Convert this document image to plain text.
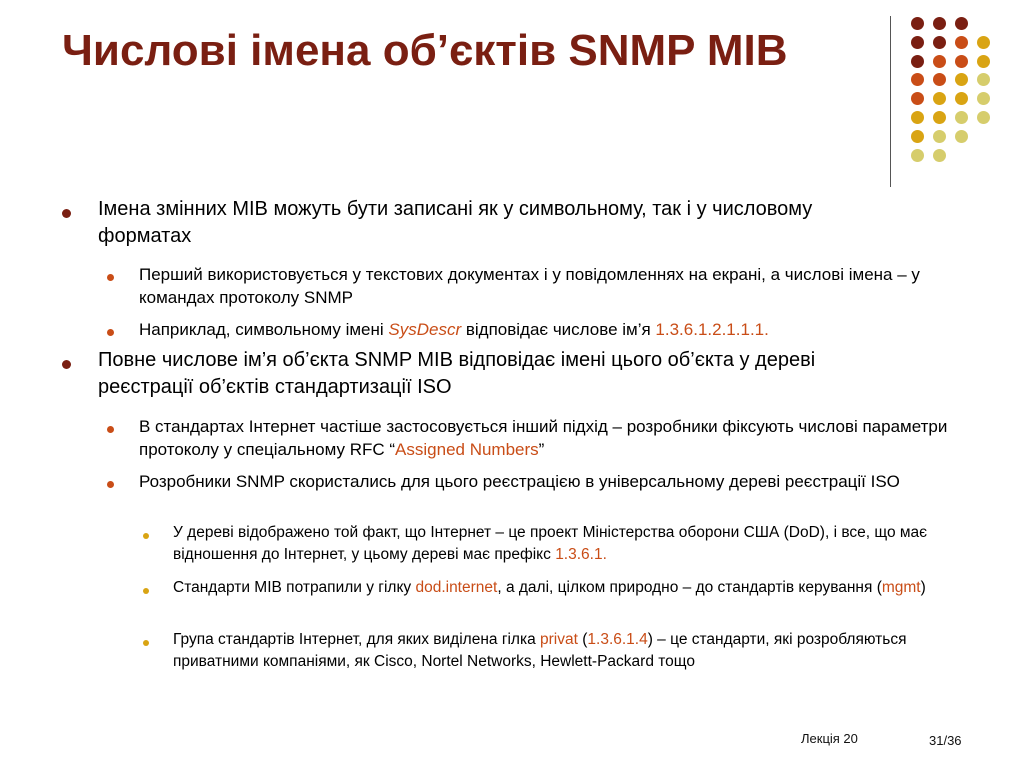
Числові імена об’єктів SNMP MIB
Імена змінних MIB можуть бути записані як у символьному, так і у числовому форматах
Перший використовується у текстових документах і у повідомленнях на екрані, а числові імена – у командах протоколу SNMP
Наприклад, символьному імені SysDescr відповідає числове ім’я 1.3.6.1.2.1.1.1.
Повне числове ім’я об’єкта SNMP MIB відповідає імені цього об’єкта у дереві реєстрації об’єктів стандартизації ISO
В стандартах Інтернет частіше застосовується інший підхід – розробники фіксують числові параметри протоколу у спеціальному RFC “Assigned Numbers”
Розробники SNMP скористались для цього реєстрацією в універсальному дереві реєстрації ISO
У дереві відображено той факт, що Інтернет – це проект Міністерства оборони США (DoD), і все, що має відношення до Інтернет, у цьому дереві має префікс 1.3.6.1.
Стандарти MIB потрапили у гілку dod.internet, а далі, цілком природно – до стандартів керування (mgmt)
Група стандартів Інтернет, для яких виділена гілка privat (1.3.6.1.4) – це стандарти, які розробляються приватними компаніями, як Cisco, Nortel Networks, Hewlett-Packard тощо
Лекція 20	31/36
